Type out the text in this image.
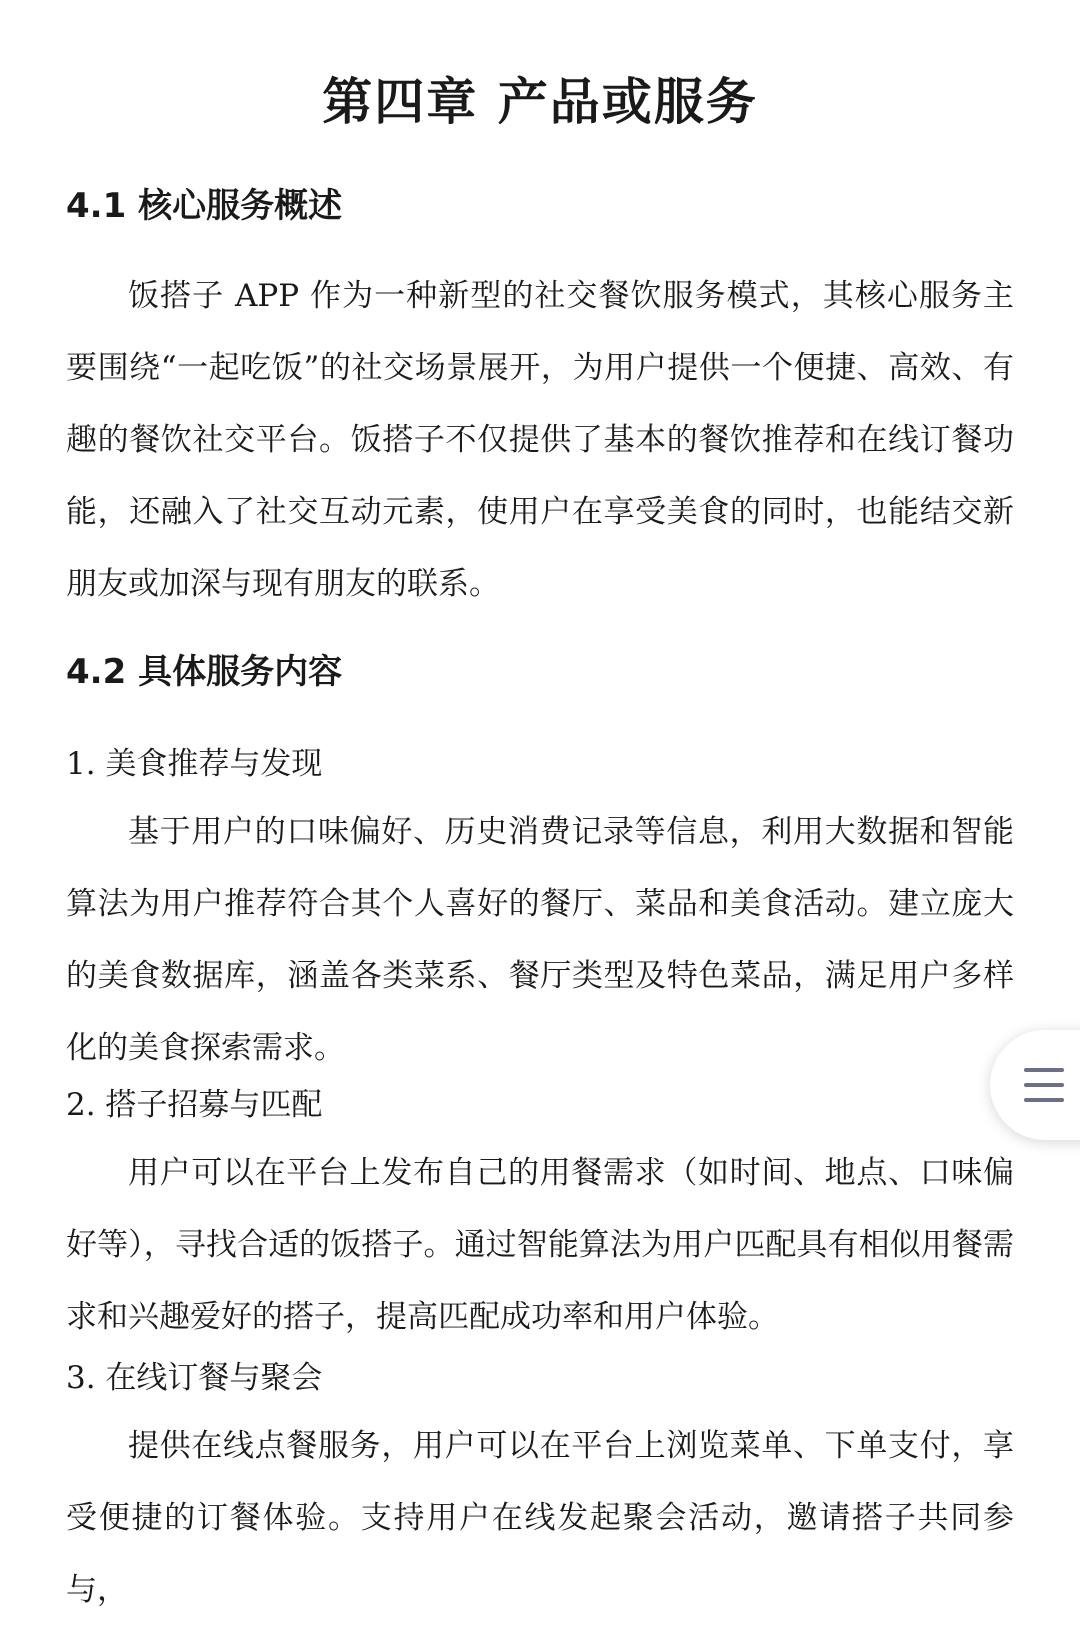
第四章 产品或服务
4.1 核心服务概述

饭搭子 APP 作为一种新型的社交餐饮服务模式，其核心服务主要围绕“一起吃饭”的社交场景展开，为用户提供一个便捷、高效、有趣的餐饮社交平台。饭搭子不仅提供了基本的餐饮推荐和在线订餐功能，还融入了社交互动元素，使用户在享受美食的同时，也能结交新朋友或加深与现有朋友的联系。

4.2 具体服务内容
1. 美食推荐与发现

基于用户的口味偏好、历史消费记录等信息，利用大数据和智能算法为用户推荐符合其个人喜好的餐厅、菜品和美食活动。建立庞大的美食数据库，涵盖各类菜系、餐厅类型及特色菜品，满足用户多样化的美食探索需求。

2. 搭子招募与匹配

用户可以在平台上发布自己的用餐需求（如时间、地点、口味偏好等），寻找合适的饭搭子。通过智能算法为用户匹配具有相似用餐需求和兴趣爱好的搭子，提高匹配成功率和用户体验。

3. 在线订餐与聚会

提供在线点餐服务，用户可以在平台上浏览菜单、下单支付，享受便捷的订餐体验。支持用户在线发起聚会活动，邀请搭子共同参与，
